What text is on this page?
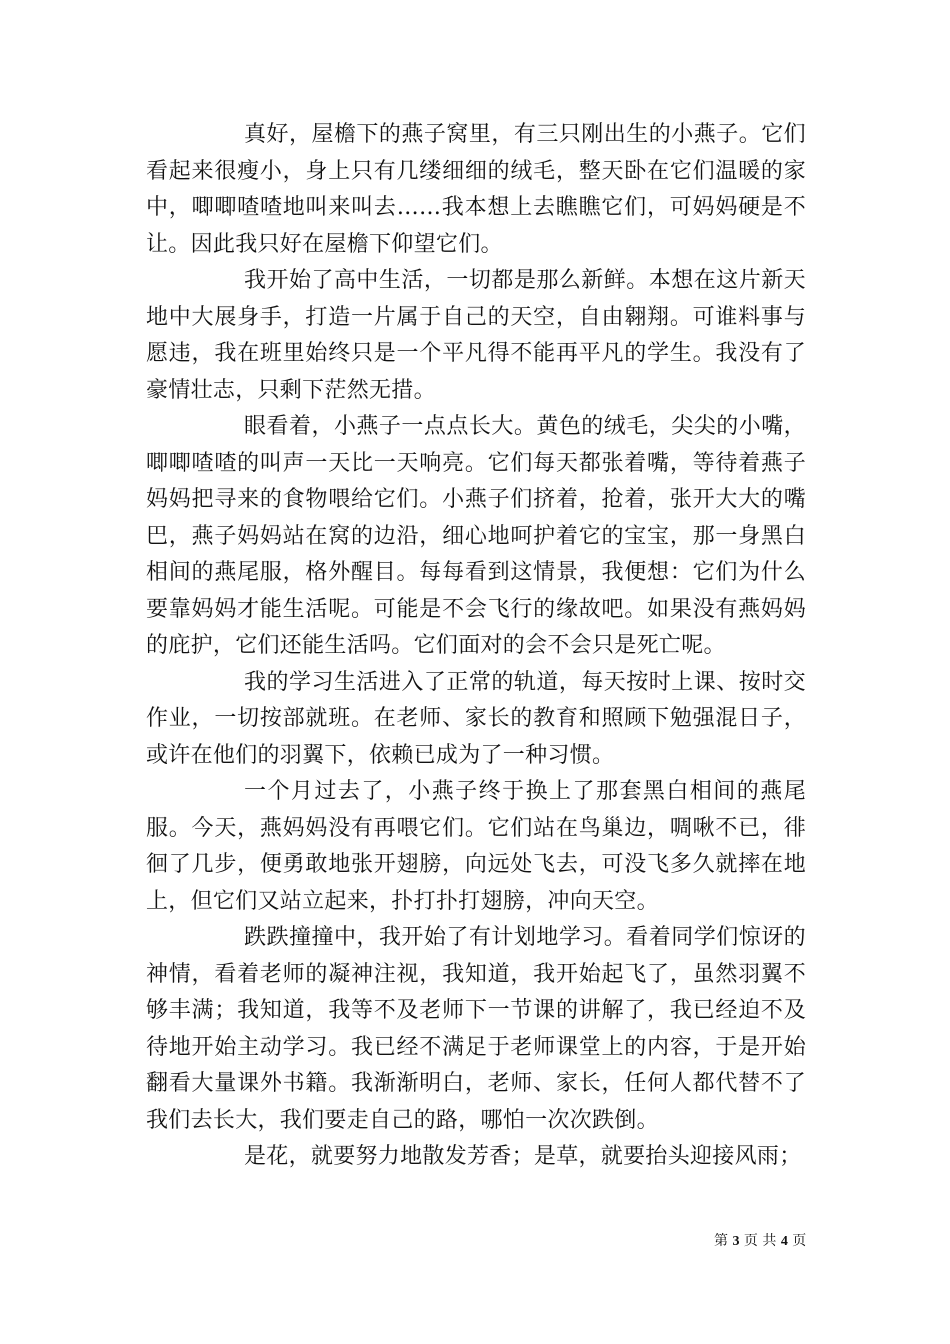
真好，屋檐下的燕子窝里，有三只刚出生的小燕子。它们看起来很瘦小，身上只有几缕细细的绒毛，整天卧在它们温暖的家中，唧唧喳喳地叫来叫去……我本想上去瞧瞧它们，可妈妈硬是不让。因此我只好在屋檐下仰望它们。

我开始了高中生活，一切都是那么新鲜。本想在这片新天地中大展身手，打造一片属于自己的天空，自由翱翔。可谁料事与愿违，我在班里始终只是一个平凡得不能再平凡的学生。我没有了豪情壮志，只剩下茫然无措。

眼看着，小燕子一点点长大。黄色的绒毛，尖尖的小嘴，唧唧喳喳的叫声一天比一天响亮。它们每天都张着嘴，等待着燕子妈妈把寻来的食物喂给它们。小燕子们挤着，抢着，张开大大的嘴巴，燕子妈妈站在窝的边沿，细心地呵护着它的宝宝，那一身黑白相间的燕尾服，格外醒目。每每看到这情景，我便想：它们为什么要靠妈妈才能生活呢。可能是不会飞行的缘故吧。如果没有燕妈妈的庇护，它们还能生活吗。它们面对的会不会只是死亡呢。

我的学习生活进入了正常的轨道，每天按时上课、按时交作业，一切按部就班。在老师、家长的教育和照顾下勉强混日子，或许在他们的羽翼下，依赖已成为了一种习惯。

一个月过去了，小燕子终于换上了那套黑白相间的燕尾服。今天，燕妈妈没有再喂它们。它们站在鸟巢边，啁啾不已，徘徊了几步，便勇敢地张开翅膀，向远处飞去，可没飞多久就摔在地上，但它们又站立起来，扑打扑打翅膀，冲向天空。

跌跌撞撞中，我开始了有计划地学习。看着同学们惊讶的神情，看着老师的凝神注视，我知道，我开始起飞了，虽然羽翼不够丰满；我知道，我等不及老师下一节课的讲解了，我已经迫不及待地开始主动学习。我已经不满足于老师课堂上的内容，于是开始翻看大量课外书籍。我渐渐明白，老师、家长，任何人都代替不了我们去长大，我们要走自己的路，哪怕一次次跌倒。

是花，就要努力地散发芳香；是草，就要抬头迎接风雨；

第 3 页 共 4 页
